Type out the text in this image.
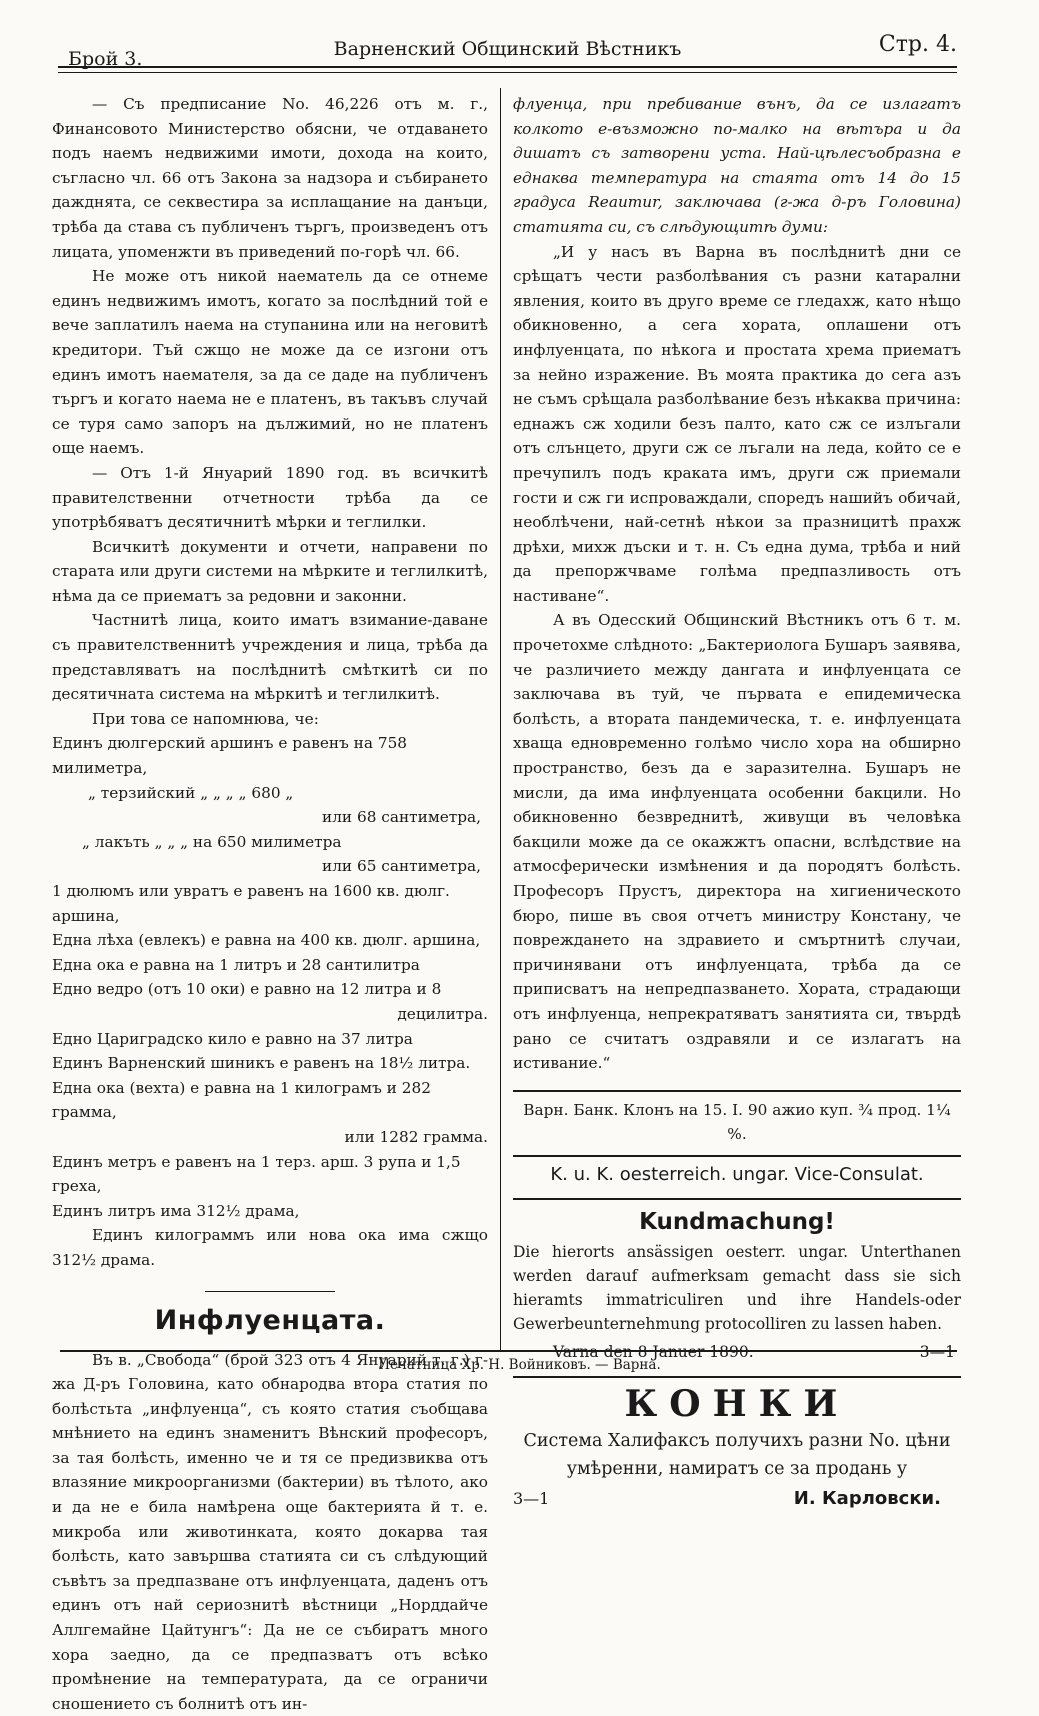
Брой 3.	Варненский Общинский Вѣстникъ	Стр. 4.

— Съ предписание No. 46,226 отъ м. г., Финансовото Министерство обясни, че отдаването подъ наемъ недвижими имоти, дохода на които, съгласно чл. 66 отъ Закона за надзора и събирането дажднята, се секвестира за исплащание на данъци, трѣба да става съ публиченъ търгъ, произведенъ отъ лицата, упоменжти въ приведений по-горѣ чл. 66.

Не може отъ никой наематель да се отнеме единъ недвижимъ имотъ, когато за послѣдний той е вече заплатилъ наема на ступанина или на неговитѣ кредитори. Тъй сжщо не може да се изгони отъ единъ имотъ наемателя, за да се даде на публиченъ търгъ и когато наема не е платенъ, въ такъвъ случай се туря само запоръ на дължимий, но не платенъ още наемъ.

— Отъ 1-й Януарий 1890 год. въ всичкитѣ правителственни отчетности трѣба да се употрѣбяватъ десятичнитѣ мѣрки и теглилки.

Всичкитѣ документи и отчети, направени по старата или други системи на мѣрките и теглилкитѣ, нѣма да се приематъ за редовни и законни.

Частнитѣ лица, които иматъ взимание-даване съ правителственнитѣ учреждения и лица, трѣба да представляватъ на послѣднитѣ смѣткитѣ си по десятичната система на мѣркитѣ и теглилкитѣ.

При това се напомнюва, че:

Единъ дюлгерский аршинъ е равенъ на 758 милиметра,

„ терзийский „ „ „ „ 680 „
или 68 сантиметра,
„ лакъть „ „ „ на 650 милиметра
или 65 сантиметра,

1 дюлюмъ или увратъ е равенъ на 1600 кв. дюлг. аршина,

Една лѣха (евлекъ) е равна на 400 кв. дюлг. аршина,

Една ока е равна на 1 литръ и 28 сантилитра

Едно ведро (отъ 10 оки) е равно на 12 литра и 8

децилитра.

Едно Цариградско кило е равно на 37 литра

Единъ Варненский шиникъ е равенъ на 18½ литра.

Една ока (вехта) е равна на 1 килограмъ и 282 грамма,

или 1282 грамма.

Единъ метръ е равенъ на 1 терз. арш. 3 рупа и 1,5 греха,

Единъ литръ има 312½ драма,

Единъ килограммъ или нова ока има сжщо 312½ драма.

Инфлуенцата.

Въ в. „Свобода“ (брой 323 отъ 4 Януарий т. г.) г-жа Д-ръ Головина, като обнародва втора статия по болѣстьта „инфлуенца“, съ която статия съобщава мнѣнието на единъ знаменитъ Вѣнский професоръ, за тая болѣсть, именно че и тя се предизвиква отъ влазяние микроорганизми (бактерии) въ тѣлото, ако и да не е била намѣрена още бактерията й т. е. микроба или животинката, която докарва тая болѣсть, като завършва статията си съ слѣдующий съвѣтъ за предпазване отъ инфлуенцата, даденъ отъ единъ отъ най сериознитѣ вѣстници „Норддайче Аллгемайне Цайтунгъ“: Да не се събиратъ много хора заедно, да се предпазватъ отъ всѣко промѣнение на температурата, да се ограничи сношението съ болнитѣ отъ ин-

флуенца, при пребивание вънъ, да се излагатъ колкото е-възможно по-малко на вѣтъра и да дишатъ съ затворени уста. Най-цѣлесъобразна е еднаква температура на стаята отъ 14 до 15 градуса Reaumur, заключава (г-жа д-ръ Головина) статията си, съ слѣдующитѣ думи:

„И у насъ въ Варна въ послѣднитѣ дни се срѣщатъ чести разболѣвания съ разни катарални явления, които въ друго време се гледахж, като нѣщо обикновенно, а сега хората, оплашени отъ инфлуенцата, по нѣкога и простата хрема приематъ за нейно изражение. Въ моята практика до сега азъ не съмъ срѣщала разболѣвание безъ нѣкаква причина: еднажъ сж ходили безъ палто, като сж се излъгали отъ слънцето, други сж се лъгали на леда, който се е пречупилъ подъ кракатa имъ, други сж приемали гости и сж ги испроваждали, споредъ нашийъ обичай, необлѣчени, най-сетнѣ нѣкои за празницитѣ прахж дрѣхи, михж дъски и т. н. Съ една дума, трѣба и ний да препоржчваме голѣма предпазливость отъ настиване“.

А въ Одесский Общинский Вѣстникъ отъ 6 т. м. прочетохме слѣдното: „Бактериолога Бушаръ заявява, че различието между дангата и инфлуенцата се заключава въ туй, че първата е епидемическа болѣсть, а втората пандемическа, т. е. инфлуенцата хваща едновременно голѣмо число хора на обширно пространство, безъ да е заразителна. Бушаръ не мисли, да има инфлуенцата особенни бакцили. Но обикновенно безвреднитѣ, живущи въ человѣка бакцили може да се окажжтъ опасни, вслѣдствие на атмосферически измѣнения и да породятъ болѣсть. Професоръ Прустъ, директора на хигиеническото бюро, пише въ своя отчетъ министру Констану, че повреждането на здравието и смъртнитѣ случаи, причинявани отъ инфлуенцата, трѣба да се приписватъ на непредпазването. Хората, страдающи отъ инфлуенца, непрекратяватъ занятията си, твърдѣ рано се считатъ оздравяли и се излагатъ на истивание.“

Варн. Банк. Клонъ на 15. I. 90 ажио куп. ¾ прод. 1¼ %.

K. u. K. oesterreich. ungar. Vice-Consulat.
Kundmachung!

Die hierorts ansässigen oesterr. ungar. Unterthanen werden darauf aufmerksam gemacht dass sie sich hieramts immatriculiren und ihre Handels-oder Gewerbeunternehmung protocolliren zu lassen haben.

Varna den 8 Januer 1890.	3—1
КОНКИ

Система Халифаксъ получихъ разни No. цѣни умѣренни, намиратъ се за продань у

3—1	И. Карловски.
Печатница Хр. Н. Войниковъ. — Варна.
